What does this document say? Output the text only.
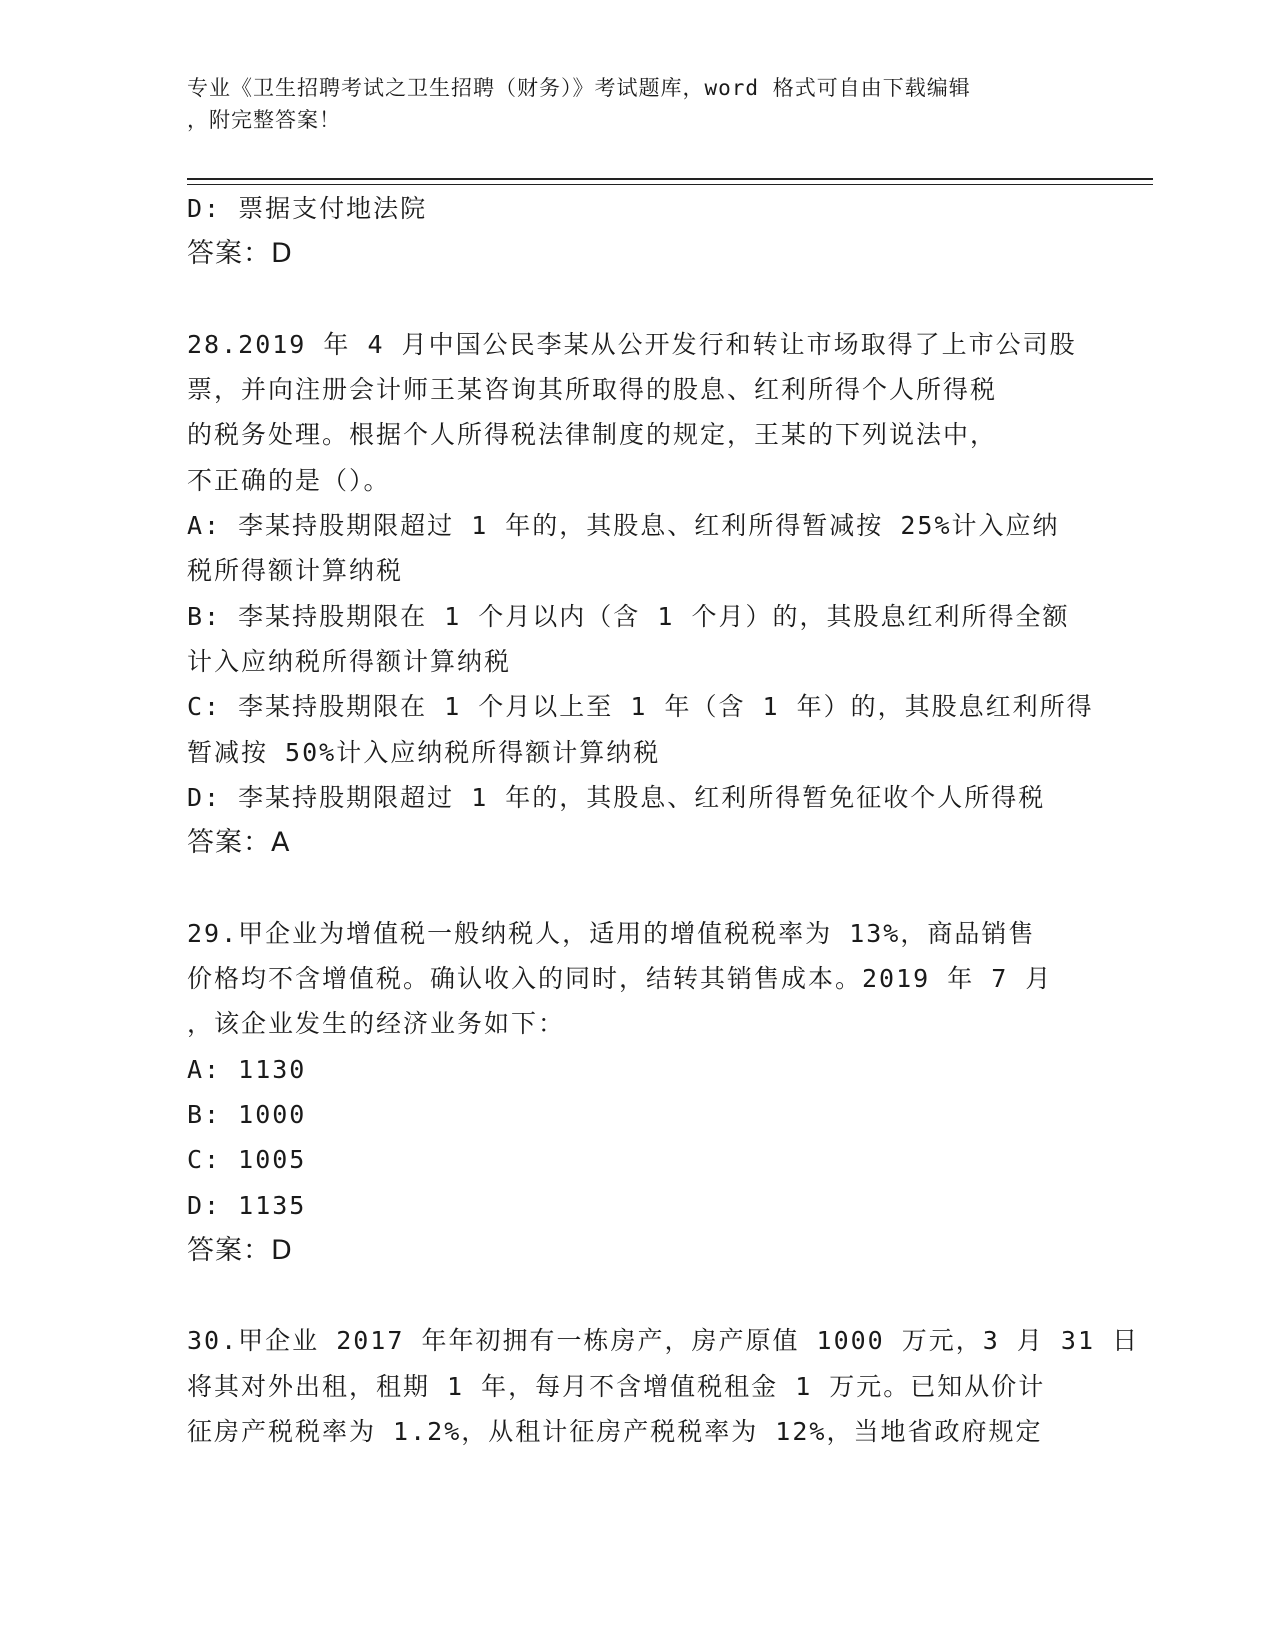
专业《卫生招聘考试之卫生招聘（财务）》考试题库，word 格式可自由下载编辑
，附完整答案！
D: 票据支付地法院
答案：D
28.2019 年 4 月中国公民李某从公开发行和转让市场取得了上市公司股
票，并向注册会计师王某咨询其所取得的股息、红利所得个人所得税
的税务处理。根据个人所得税法律制度的规定，王某的下列说法中，
不正确的是（）。
A: 李某持股期限超过 1 年的，其股息、红利所得暂减按 25%计入应纳
税所得额计算纳税
B: 李某持股期限在 1 个月以内（含 1 个月）的，其股息红利所得全额
计入应纳税所得额计算纳税
C: 李某持股期限在 1 个月以上至 1 年（含 1 年）的，其股息红利所得
暂减按 50%计入应纳税所得额计算纳税
D: 李某持股期限超过 1 年的，其股息、红利所得暂免征收个人所得税
答案：A
29.甲企业为增值税一般纳税人，适用的增值税税率为 13%，商品销售
价格均不含增值税。确认收入的同时，结转其销售成本。2019 年 7 月
，该企业发生的经济业务如下：
A: 1130
B: 1000
C: 1005
D: 1135
答案：D
30.甲企业 2017 年年初拥有一栋房产，房产原值 1000 万元，3 月 31 日
将其对外出租，租期 1 年，每月不含增值税租金 1 万元。已知从价计
征房产税税率为 1.2%，从租计征房产税税率为 12%，当地省政府规定
